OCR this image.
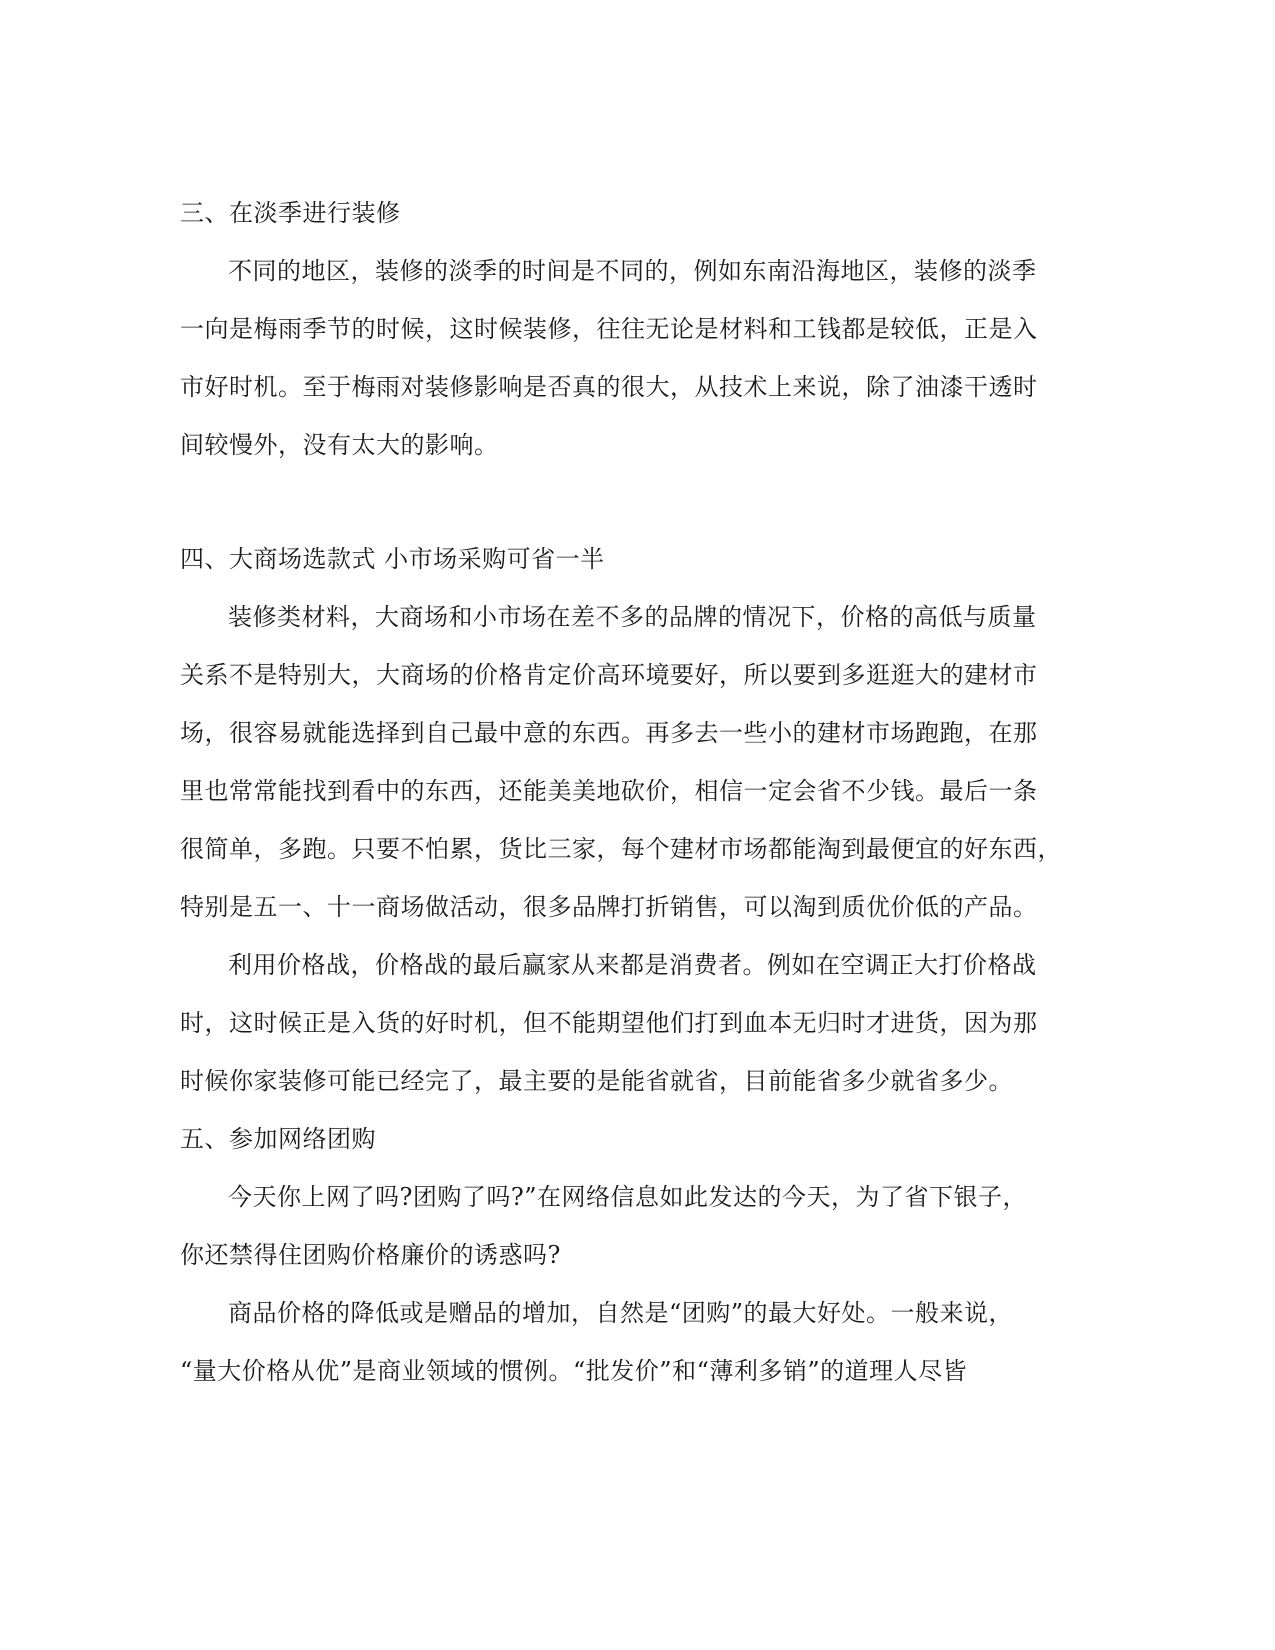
三、在淡季进行装修
不同的地区，装修的淡季的时间是不同的，例如东南沿海地区，装修的淡季
一向是梅雨季节的时候，这时候装修，往往无论是材料和工钱都是较低，正是入
市好时机。至于梅雨对装修影响是否真的很大，从技术上来说，除了油漆干透时
间较慢外，没有太大的影响。
四、大商场选款式 小市场采购可省一半
装修类材料，大商场和小市场在差不多的品牌的情况下，价格的高低与质量
关系不是特别大，大商场的价格肯定价高环境要好，所以要到多逛逛大的建材市
场，很容易就能选择到自己最中意的东西。再多去一些小的建材市场跑跑，在那
里也常常能找到看中的东西，还能美美地砍价，相信一定会省不少钱。最后一条
很简单，多跑。只要不怕累，货比三家，每个建材市场都能淘到最便宜的好东西，
特别是五一、十一商场做活动，很多品牌打折销售，可以淘到质优价低的产品。
利用价格战，价格战的最后赢家从来都是消费者。例如在空调正大打价格战
时，这时候正是入货的好时机，但不能期望他们打到血本无归时才进货，因为那
时候你家装修可能已经完了，最主要的是能省就省，目前能省多少就省多少。
五、参加网络团购
今天你上网了吗?团购了吗?”在网络信息如此发达的今天，为了省下银子，
你还禁得住团购价格廉价的诱惑吗?
商品价格的降低或是赠品的增加，自然是“团购”的最大好处。一般来说，
“量大价格从优”是商业领域的惯例。“批发价”和“薄利多销”的道理人尽皆
